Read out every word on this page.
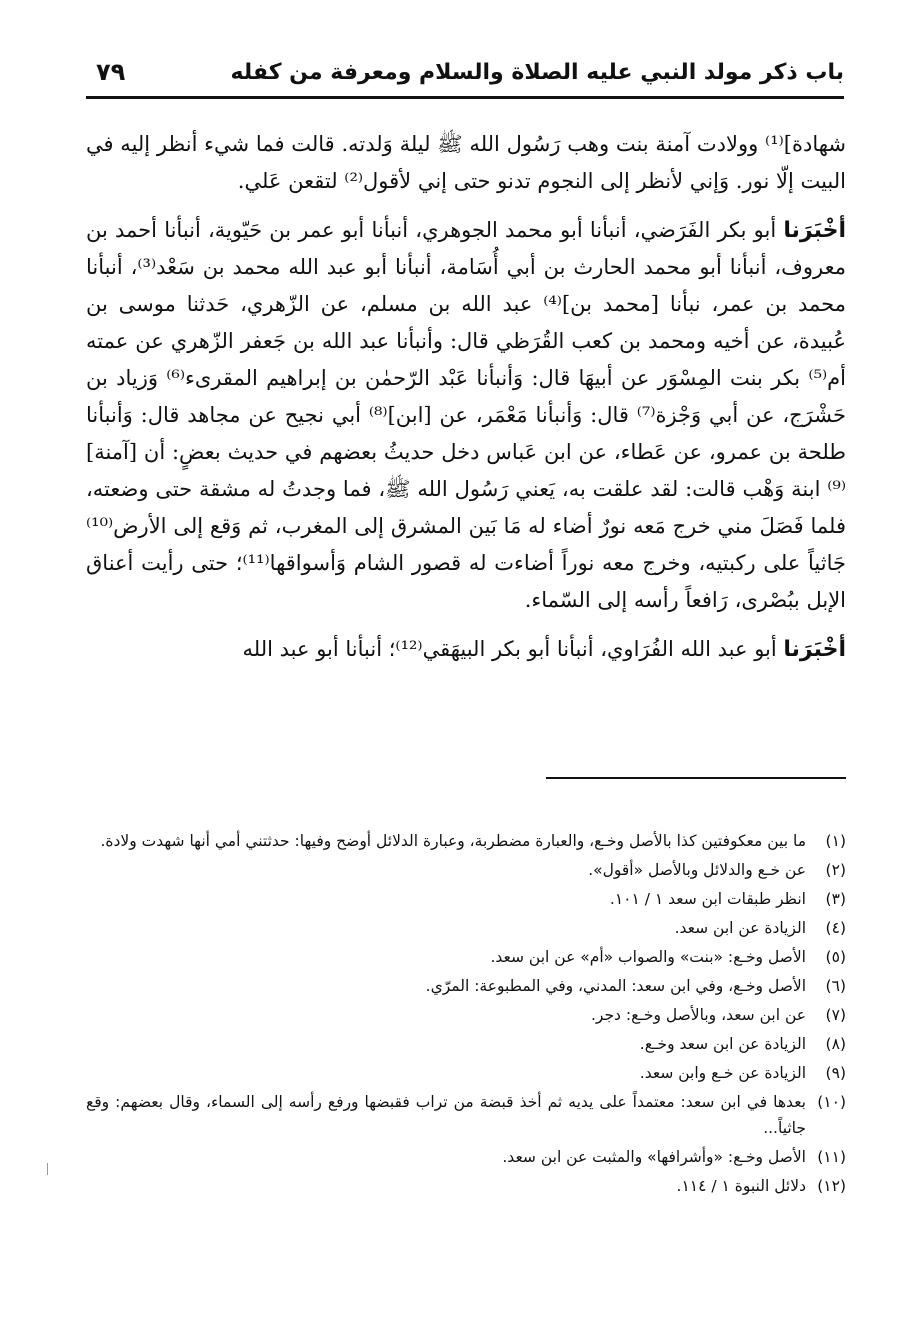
باب ذكر مولد النبي عليه الصلاة والسلام ومعرفة من كفله
٧٩

شهادة]⁽¹⁾ وولادت آمنة بنت وهب رَسُول الله ﷺ ليلة وَلدته. قالت فما شيء أنظر إليه في البيت إلّا نور. وَإني لأنظر إلى النجوم تدنو حتى إني لأقول⁽²⁾ لتقعن عَلي.

أخْبَرَنا أبو بكر الفَرَضي، أنبأنا أبو محمد الجوهري، أنبأنا أبو عمر بن حَيّوية، أنبأنا أحمد بن معروف، أنبأنا أبو محمد الحارث بن أبي أُسَامة، أنبأنا أبو عبد الله محمد بن سَعْد⁽³⁾، أنبأنا محمد بن عمر، نبأنا [محمد بن]⁽⁴⁾ عبد الله بن مسلم، عن الزّهري، حَدثنا موسى بن عُبيدة، عن أخيه ومحمد بن كعب القُرَظي قال: وأنبأنا عبد الله بن جَعفر الزّهري عن عمته أم⁽⁵⁾ بكر بنت المِسْوَر عن أبيهَا قال: وَأنبأنا عَبْد الرّحمٰن بن إبراهيم المقرىء⁽⁶⁾ وَزياد بن حَشْرَج، عن أبي وَجْزة⁽⁷⁾ قال: وَأنبأنا مَعْمَر، عن [ابن]⁽⁸⁾ أبي نجيح عن مجاهد قال: وَأنبأنا طلحة بن عمرو، عن عَطاء، عن ابن عَباس دخل حديثُ بعضهم في حديث بعضٍ: أن [آمنة]⁽⁹⁾ ابنة وَهْب قالت: لقد علقت به، يَعني رَسُول الله ﷺ، فما وجدتُ له مشقة حتى وضعته، فلما فَصَلَ مني خرج مَعه نورٌ أضاء له مَا بَين المشرق إلى المغرب، ثم وَقع إلى الأرض⁽¹⁰⁾ جَاثياً على ركبتيه، وخرج معه نوراً أضاءت له قصور الشام وَأسواقها⁽¹¹⁾؛ حتى رأيت أعناق الإبل ببُصْرى، رَافعاً رأسه إلى السّماء.

أخْبَرَنا أبو عبد الله الفُرَاوي، أنبأنا أبو بكر البيهَقي⁽¹²⁾؛ أنبأنا أبو عبد الله

(١)
ما بين معكوفتين كذا بالأصل وخـع، والعبارة مضطربة، وعبارة الدلائل أوضح وفيها: حدثتني أمي أنها شهدت ولادة.
(٢)
عن خـع والدلائل وبالأصل «أقول».
(٣)
انظر طبقات ابن سعد ١ / ١٠١.
(٤)
الزيادة عن ابن سعد.
(٥)
الأصل وخـع: «بنت» والصواب «أم» عن ابن سعد.
(٦)
الأصل وخـع، وفي ابن سعد: المدني، وفي المطبوعة: المرّي.
(٧)
عن ابن سعد، وبالأصل وخـع: دجر.
(٨)
الزيادة عن ابن سعد وخـع.
(٩)
الزيادة عن خـع وابن سعد.
(١٠)
بعدها في ابن سعد: معتمداً على يديه ثم أخذ قبضة من تراب فقبضها ورفع رأسه إلى السماء، وقال بعضهم: وقع جاثياً...
(١١)
الأصل وخـع: «وأشرافها» والمثبت عن ابن سعد.
(١٢)
دلائل النبوة ١ / ١١٤.
